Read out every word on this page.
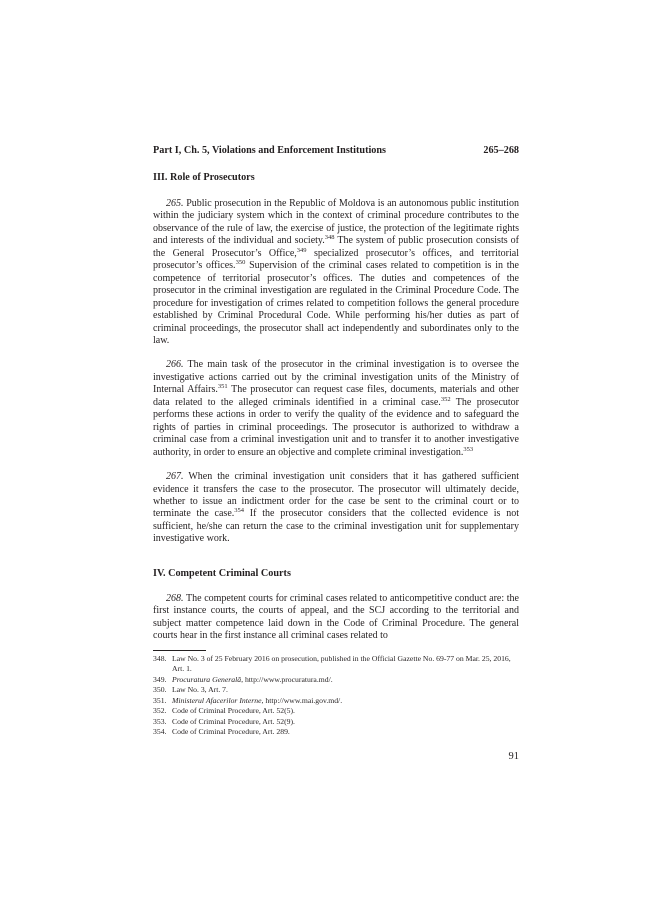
Part I, Ch. 5, Violations and Enforcement Institutions	265–268
III. Role of Prosecutors

265. Public prosecution in the Republic of Moldova is an autonomous public institution within the judiciary system which in the context of criminal procedure contributes to the observance of the rule of law, the exercise of justice, the protection of the legitimate rights and interests of the individual and society.$^{348}$ The system of public prosecution consists of the General Prosecutor’s Office,$^{349}$ specialized prosecutor’s offices, and territorial prosecutor’s offices.$^{350}$ Supervision of the criminal cases related to competition is in the competence of territorial prosecutor’s offices. The duties and competences of the prosecutor in the criminal investigation are regulated in the Criminal Procedure Code. The procedure for investigation of crimes related to competition follows the general procedure established by Criminal Procedural Code. While performing his/her duties as part of criminal proceedings, the prosecutor shall act independently and subordinates only to the law.

266. The main task of the prosecutor in the criminal investigation is to oversee the investigative actions carried out by the criminal investigation units of the Ministry of Internal Affairs.$^{351}$ The prosecutor can request case files, documents, materials and other data related to the alleged criminals identified in a criminal case.$^{352}$ The prosecutor performs these actions in order to verify the quality of the evidence and to safeguard the rights of parties in criminal proceedings. The prosecutor is authorized to withdraw a criminal case from a criminal investigation unit and to transfer it to another investigative authority, in order to ensure an objective and complete criminal investigation.$^{353}$

267. When the criminal investigation unit considers that it has gathered sufficient evidence it transfers the case to the prosecutor. The prosecutor will ultimately decide, whether to issue an indictment order for the case be sent to the criminal court or to terminate the case.$^{354}$ If the prosecutor considers that the collected evidence is not sufficient, he/she can return the case to the criminal investigation unit for supplementary investigative work.

IV. Competent Criminal Courts

268. The competent courts for criminal cases related to anticompetitive conduct are: the first instance courts, the courts of appeal, and the SCJ according to the territorial and subject matter competence laid down in the Code of Criminal Procedure. The general courts hear in the first instance all criminal cases related to

348. Law No. 3 of 25 February 2016 on prosecution, published in the Official Gazette No. 69-77 on Mar. 25, 2016, Art. 1.
349. Procuratura Generală, http://www.procuratura.md/.
350. Law No. 3, Art. 7.
351. Ministerul Afacerilor Interne, http://www.mai.gov.md/.
352. Code of Criminal Procedure, Art. 52(5).
353. Code of Criminal Procedure, Art. 52(9).
354. Code of Criminal Procedure, Art. 289.
91
